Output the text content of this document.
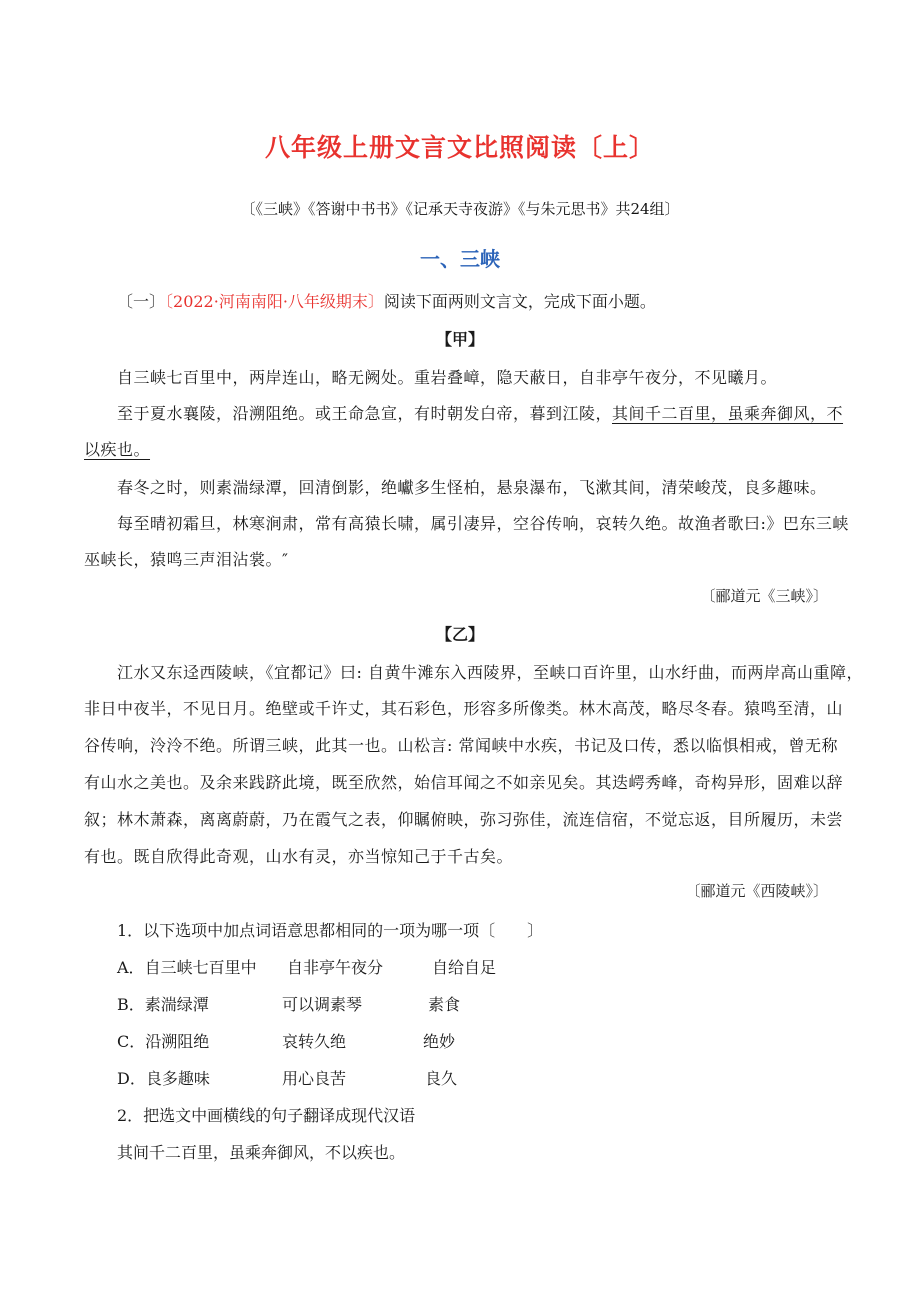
八年级上册文言文比照阅读〔上〕
〔《三峡》《答谢中书书》《记承天寺夜游》《与朱元思书》共24组〕
一、三峡
〔一〕〔2022·河南南阳·八年级期末〕阅读下面两则文言文，完成下面小题。
【甲】
自三峡七百里中，两岸连山，略无阙处。重岩叠嶂，隐天蔽日，自非亭午夜分，不见曦月。
至于夏水襄陵，沿溯阻绝。或王命急宣，有时朝发白帝，暮到江陵，其间千二百里，虽乘奔御风，不
以疾也。
春冬之时，则素湍绿潭，回清倒影，绝巘多生怪柏，悬泉瀑布，飞漱其间，清荣峻茂，良多趣味。
每至晴初霜旦，林寒涧肃，常有高猿长啸，属引凄异，空谷传响，哀转久绝。故渔者歌曰:》巴东三峡
巫峡长，猿鸣三声泪沾裳。″
〔郦道元《三峡》〕
【乙】
江水又东迳西陵峡，《宜都记》曰: 自黄牛滩东入西陵界，至峡口百许里，山水纡曲，而两岸高山重障，
非日中夜半，不见日月。绝壁或千许丈，其石彩色，形容多所像类。林木高茂，略尽冬春。猿鸣至清，山
谷传响，泠泠不绝。所谓三峡，此其一也。山松言: 常闻峡中水疾，书记及口传，悉以临惧相戒，曾无称
有山水之美也。及余来践跻此境，既至欣然，始信耳闻之不如亲见矣。其迭崿秀峰，奇构异形，固难以辞
叙；林木萧森，离离蔚蔚，乃在霞气之表，仰瞩俯映，弥习弥佳，流连信宿，不觉忘返，目所履历，未尝
有也。既自欣得此奇观，山水有灵，亦当惊知己于千古矣。
〔郦道元《西陵峡》〕
1．以下选项中加点词语意思都相同的一项为哪一项〔　　〕
A．自三峡七百里中 自非亭午夜分	自给自足
B．素湍绿潭	可以调素琴	素食
C．沿溯阻绝	哀转久绝	绝妙
D．良多趣味	用心良苦	良久
2．把选文中画横线的句子翻译成现代汉语
其间千二百里，虽乘奔御风，不以疾也。
